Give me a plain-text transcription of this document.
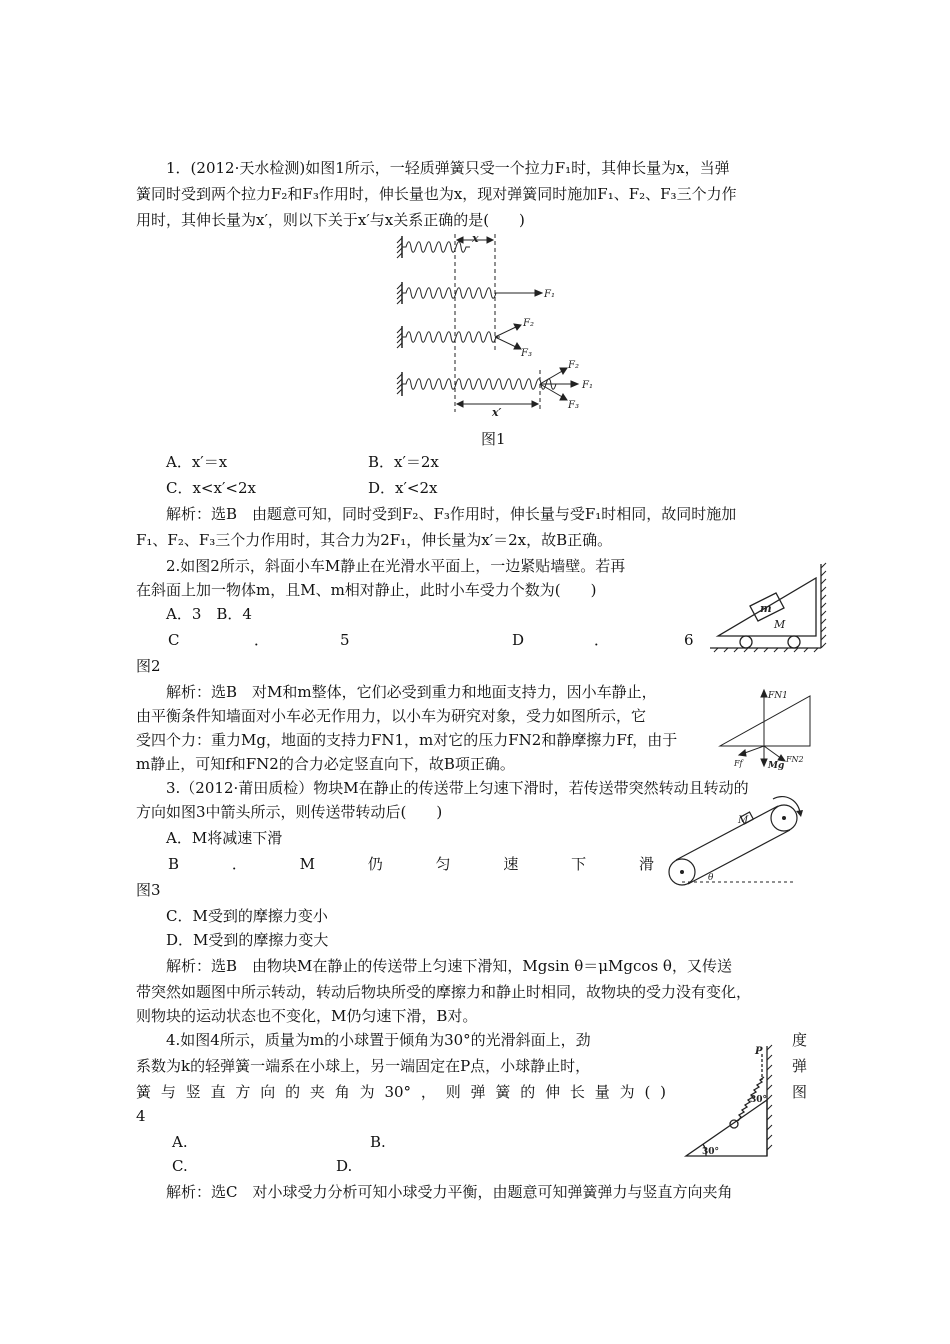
1．(2012·天水检测)如图1所示，一轻质弹簧只受一个拉力F₁时，其伸长量为x，当弹
簧同时受到两个拉力F₂和F₃作用时，伸长量也为x，现对弹簧同时施加F₁、F₂、F₃三个力作
用时，其伸长量为x′，则以下关于x′与x关系正确的是(　　)
x
x′
F₁
F₂
F₃
F₂
F₁
F₃
图1
A．x′＝x	B．x′＝2x
C．x<x′<2x	D．x′<2x
解析：选B　由题意可知，同时受到F₂、F₃作用时，伸长量与受F₁时相同，故同时施加
F₁、F₂、F₃三个力作用时，其合力为2F₁，伸长量为x′＝2x，故B正确。
2.如图2所示，斜面小车M静止在光滑水平面上，一边紧贴墙壁。若再
在斜面上加一物体m，且M、m相对静止，此时小车受力个数为(　　)
A．3　B．4
C	．	5	D	．	6
图2
m
M
解析：选B　对M和m整体，它们必受到重力和地面支持力，因小车静止，
由平衡条件知墙面对小车必无作用力，以小车为研究对象，受力如图所示，它
受四个力：重力Mg，地面的支持力FN1，m对它的压力FN2和静摩擦力Ff，由于
m静止，可知f和FN2的合力必定竖直向下，故B项正确。
FN1
Mg
FN2
Ff
3.（2012·莆田质检）物块M在静止的传送带上匀速下滑时，若传送带突然转动且转动的
方向如图3中箭头所示，则传送带转动后(　　)
A．M将减速下滑
B	．	M	仍	匀	速	下	滑
图3
M
θ
C．M受到的摩擦力变小
D．M受到的摩擦力变大
解析：选B　由物块M在静止的传送带上匀速下滑知，Mgsin θ＝μMgcos θ，又传送
带突然如题图中所示转动，转动后物块所受的摩擦力和静止时相同，故物块的受力没有变化，
则物块的运动状态也不变化，M仍匀速下滑，B对。
4.如图4所示，质量为m的小球置于倾角为30°的光滑斜面上，劲	度
系数为k的轻弹簧一端系在小球上，另一端固定在P点，小球静止时，	弹
簧 与 竖 直 方 向 的 夹 角 为 30° ， 则 弹 簧 的 伸 长 量 为 ( )	图
4
P
30°
30°
A.	B.
C.	D.
解析：选C　对小球受力分析可知小球受力平衡，由题意可知弹簧弹力与竖直方向夹角
